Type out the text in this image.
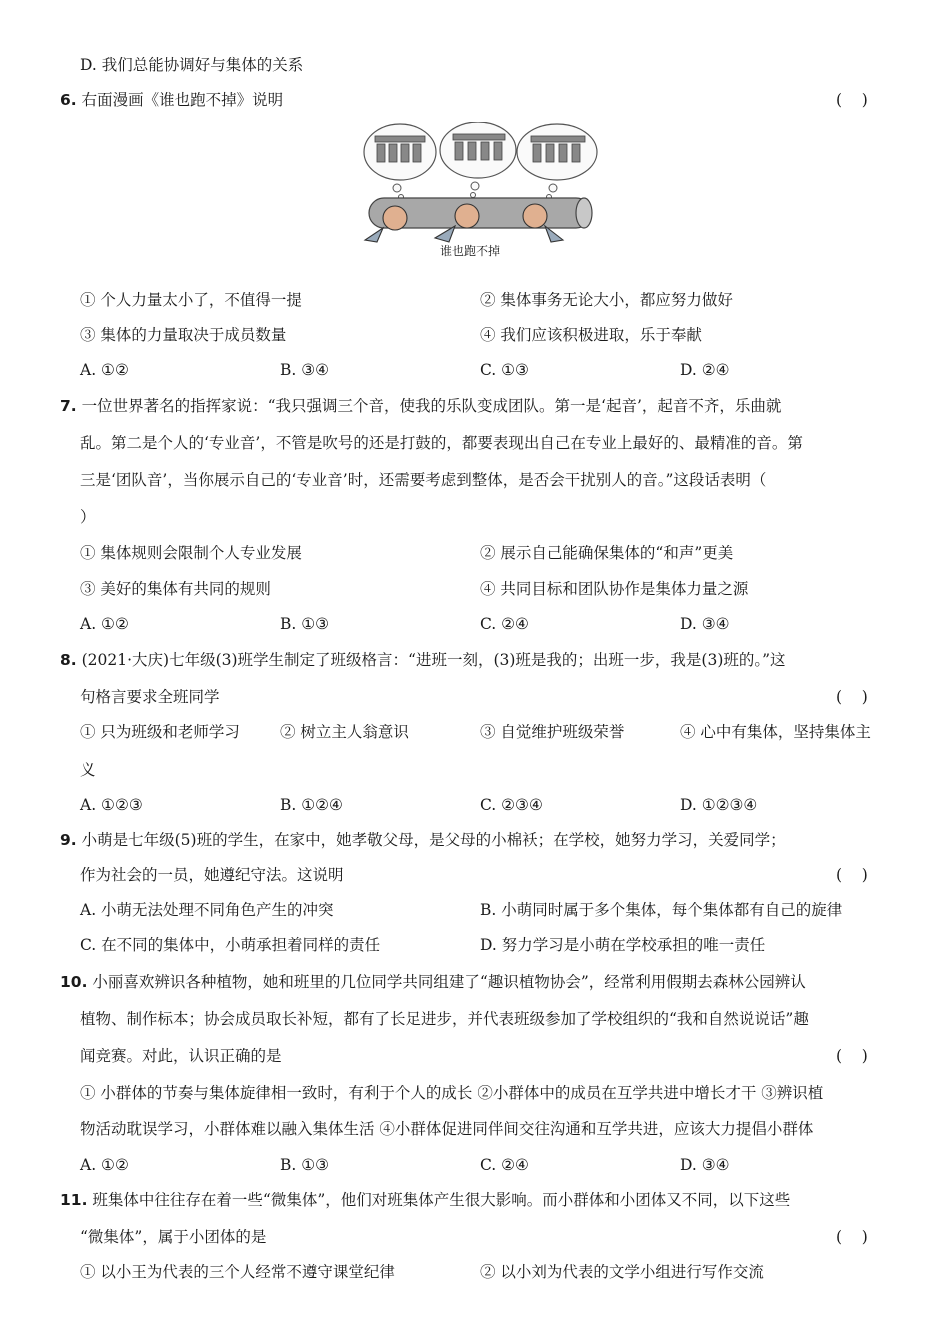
D. 我们总能协调好与集体的关系
6. 右面漫画《谁也跑不掉》说明	(    )
谁也跑不掉
① 个人力量太小了，不值得一提	② 集体事务无论大小，都应努力做好
③ 集体的力量取决于成员数量	④ 我们应该积极进取，乐于奉献
A. ①②	B. ③④	C. ①③	D. ②④
7. 一位世界著名的指挥家说：“我只强调三个音，使我的乐队变成团队。第一是‘起音’，起音不齐，乐曲就
乱。第二是个人的‘专业音’，不管是吹号的还是打鼓的，都要表现出自己在专业上最好的、最精准的音。第
三是‘团队音’，当你展示自己的‘专业音’时，还需要考虑到整体，是否会干扰别人的音。”这段话表明（
）
① 集体规则会限制个人专业发展	② 展示自己能确保集体的“和声”更美
③ 美好的集体有共同的规则	④ 共同目标和团队协作是集体力量之源
A. ①②	B. ①③	C. ②④	D. ③④
8. (2021·大庆)七年级(3)班学生制定了班级格言：“进班一刻，(3)班是我的；出班一步，我是(3)班的。”这
句格言要求全班同学	(    )
① 只为班级和老师学习	② 树立主人翁意识	③ 自觉维护班级荣誉	④ 心中有集体，坚持集体主
义
A. ①②③	B. ①②④	C. ②③④	D. ①②③④
9. 小萌是七年级(5)班的学生，在家中，她孝敬父母，是父母的小棉袄；在学校，她努力学习，关爱同学；
作为社会的一员，她遵纪守法。这说明	(    )
A. 小萌无法处理不同角色产生的冲突	B. 小萌同时属于多个集体，每个集体都有自己的旋律
C. 在不同的集体中，小萌承担着同样的责任	D. 努力学习是小萌在学校承担的唯一责任
10. 小丽喜欢辨识各种植物，她和班里的几位同学共同组建了“趣识植物协会”，经常利用假期去森林公园辨认
植物、制作标本；协会成员取长补短，都有了长足进步，并代表班级参加了学校组织的“我和自然说说话”趣
闻竞赛。对此，认识正确的是	(    )
① 小群体的节奏与集体旋律相一致时，有利于个人的成长 ②小群体中的成员在互学共进中增长才干 ③辨识植
物活动耽误学习，小群体难以融入集体生活 ④小群体促进同伴间交往沟通和互学共进，应该大力提倡小群体
A. ①②	B. ①③	C. ②④	D. ③④
11. 班集体中往往存在着一些“微集体”，他们对班集体产生很大影响。而小群体和小团体又不同，以下这些
“微集体”，属于小团体的是	(    )
① 以小王为代表的三个人经常不遵守课堂纪律	② 以小刘为代表的文学小组进行写作交流
